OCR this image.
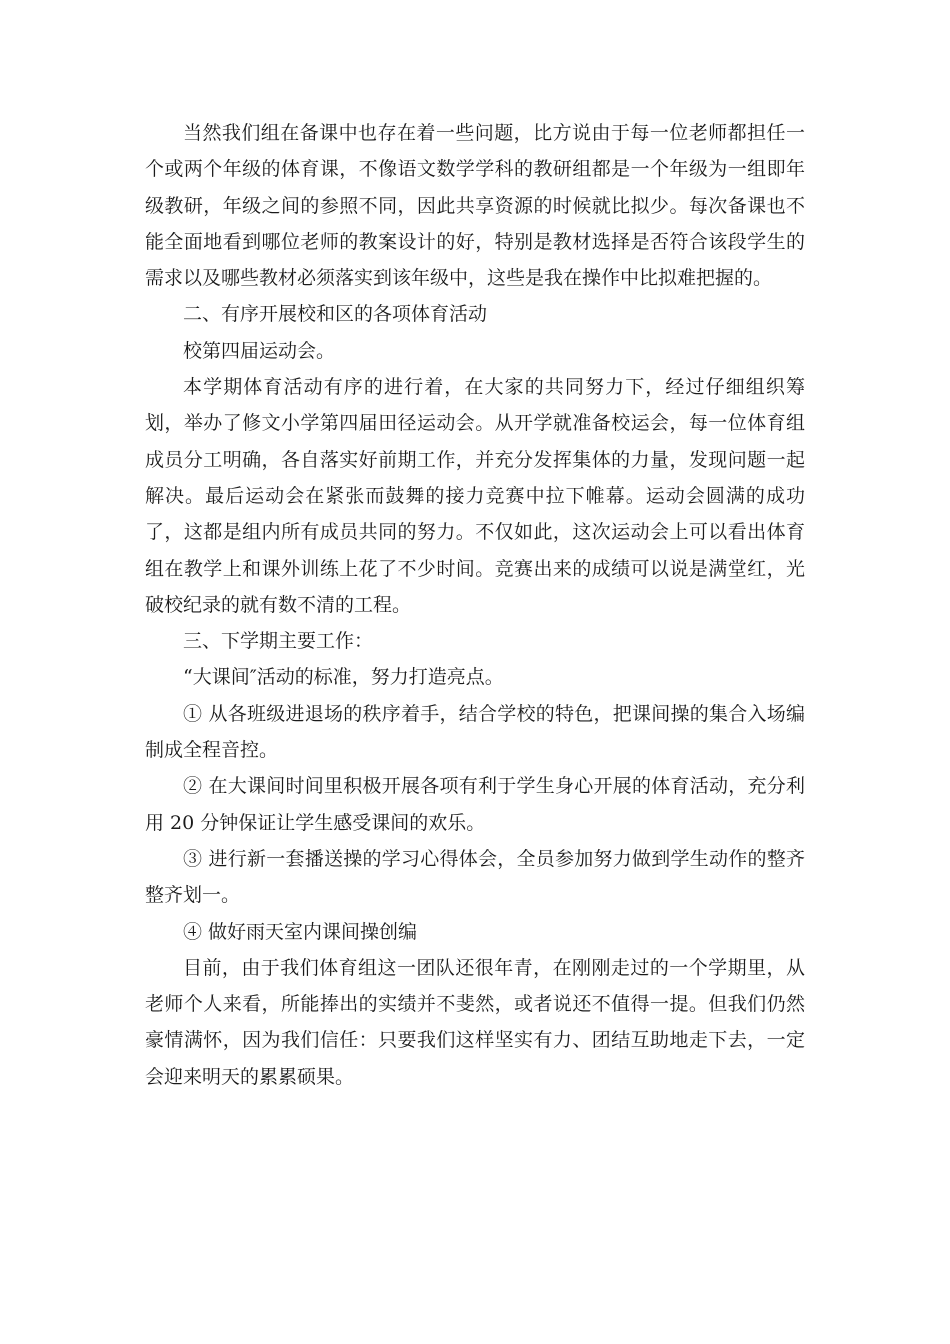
当然我们组在备课中也存在着一些问题，比方说由于每一位老师都担任一个或两个年级的体育课，不像语文数学学科的教研组都是一个年级为一组即年级教研，年级之间的参照不同，因此共享资源的时候就比拟少。每次备课也不能全面地看到哪位老师的教案设计的好，特别是教材选择是否符合该段学生的需求以及哪些教材必须落实到该年级中，这些是我在操作中比拟难把握的。

二、有序开展校和区的各项体育活动

校第四届运动会。

本学期体育活动有序的进行着，在大家的共同努力下，经过仔细组织筹划，举办了修文小学第四届田径运动会。从开学就准备校运会，每一位体育组成员分工明确，各自落实好前期工作，并充分发挥集体的力量，发现问题一起解决。最后运动会在紧张而鼓舞的接力竞赛中拉下帷幕。运动会圆满的成功了，这都是组内所有成员共同的努力。不仅如此，这次运动会上可以看出体育组在教学上和课外训练上花了不少时间。竞赛出来的成绩可以说是满堂红，光破校纪录的就有数不清的工程。

三、下学期主要工作：

“大课间″活动的标准，努力打造亮点。

① 从各班级进退场的秩序着手，结合学校的特色，把课间操的集合入场编制成全程音控。

② 在大课间时间里积极开展各项有利于学生身心开展的体育活动，充分利用 20 分钟保证让学生感受课间的欢乐。

③ 进行新一套播送操的学习心得体会，全员参加努力做到学生动作的整齐整齐划一。

④ 做好雨天室内课间操创编

目前，由于我们体育组这一团队还很年青，在刚刚走过的一个学期里，从老师个人来看，所能捧出的实绩并不斐然，或者说还不值得一提。但我们仍然豪情满怀，因为我们信任：只要我们这样坚实有力、团结互助地走下去，一定会迎来明天的累累硕果。
